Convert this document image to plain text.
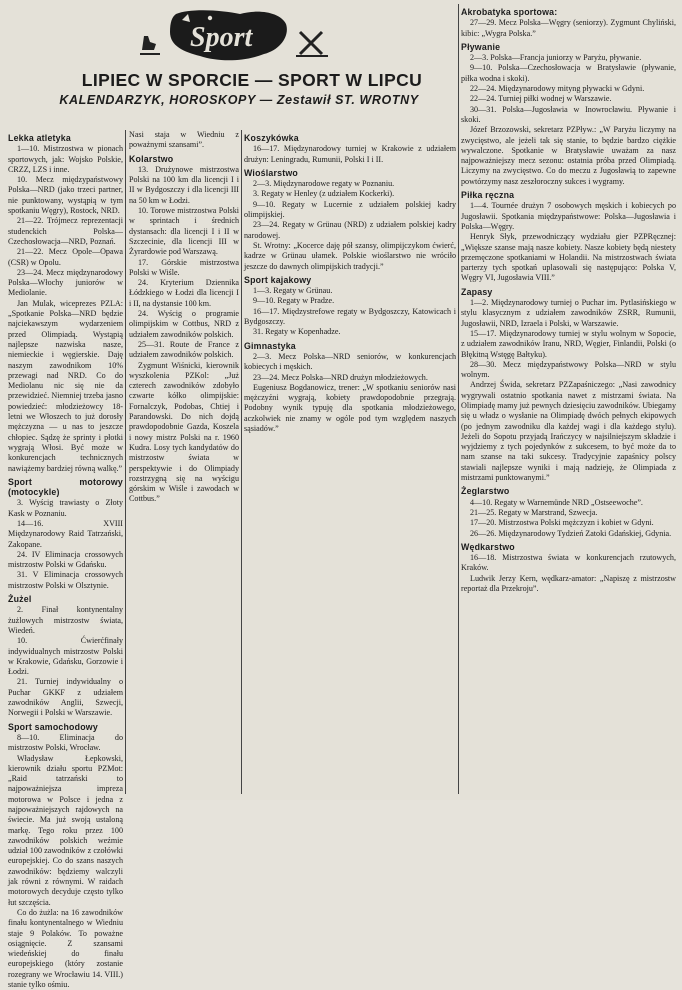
Sport
LIPIEC W SPORCIE — SPORT W LIPCU
KALENDARZYK, HOROSKOPY — Zestawił ST. WROTNY
Lekka atletyka

1—10. Mistrzostwa w pionach sportowych, jak: Wojsko Polskie, CRZZ, LZS i inne.

10. Mecz międzypaństwowy Polska—NRD (jako trzeci partner, nie punktowany, wystąpią w tym spotkaniu Węgry), Rostock, NRD.

21—22. Trójmecz reprezentacji studenckich Polska—Czechosłowacja—NRD, Poznań.

21—22. Mecz Opole—Opawa (CSR) w Opolu.

23—24. Mecz międzynarodowy Polska—Włochy juniorów w Mediolanie.

Jan Mulak, wiceprezes PZLA: „Spotkanie Polska—NRD będzie najciekawszym wydarzeniem przed Olimpiadą. Wystąpią najlepsze nazwiska nasze, niemieckie i węgierskie. Daję naszym zawodnikom 10% przewagi nad NRD. Co do Mediolanu nic się nie da przewidzieć. Niemniej trzeba jasno powiedzieć: młodzieżowcy 18-letni we Włoszech to już dorosły mężczyzna — u nas to jeszcze chłopiec. Sądzę że sprinty i płotki wygrają Włosi. Być może w konkurencjach technicznych nawiążemy bardziej równą walkę.”

Sport motorowy (motocykle)

3. Wyścig trawiasty o Złoty Kask w Poznaniu.

14—16. XVIII Międzynarodowy Raid Tatrzański, Zakopane.

24. IV Eliminacja crossowych mistrzostw Polski w Gdańsku.

31. V Eliminacja crossowych mistrzostw Polski w Olsztynie.

Żużel

2. Finał kontynentalny żużlowych mistrzostw świata, Wiedeń.

10. Ćwierćfinały indywidualnych mistrzostw Polski w Krakowie, Gdańsku, Gorzowie i Łodzi.

21. Turniej indywidualny o Puchar GKKF z udziałem zawodników Anglii, Szwecji, Norwegii i Polski w Warszawie.

Sport samochodowy

8—10. Eliminacja do mistrzostw Polski, Wrocław.

Władysław Łepkowski, kierownik działu sportu PZMot: „Raid tatrzański to najpoważniejsza impreza motorowa w Polsce i jedna z najpoważniejszych rajdowych na świecie. Ma już swoją ustaloną markę. Tego roku przez 100 zawodników polskich weźmie udział 100 zawodników z czołówki europejskiej. Co do szans naszych zawodników: będziemy walczyli jak równi z równymi. W raidach motorowych decyduje często tylko łut szczęścia.

Co do żużla: na 16 zawodników finału kontynentalnego w Wiedniu staje 9 Polaków. To poważne osiągnięcie. Z szansami wiedeńskiej do finału europejskiego (który zostanie rozegrany we Wrocławiu 14. VIII.) stanie tylko ośmiu.

Nasi staja w Wiedniu z poważnymi szansami”.

Kolarstwo

13. Drużynowe mistrzostwa Polski na 100 km dla licencji I i II w Bydgoszczy i dla licencji III na 50 km w Łodzi.

10. Torowe mistrzostwa Polski w sprintach i średnich dystansach: dla licencji I i II w Szczecinie, dla licencji III w Żyrardowie pod Warszawą.

17. Górskie mistrzostwa Polski w Wiśle.

24. Kryterium Dziennika Łódzkiego w Łodzi dla licencji I i II, na dystansie 100 km.

24. Wyścig o programie olimpijskim w Cottbus, NRD z udziałem zawodników polskich.

25—31. Route de France z udziałem zawodników polskich.

Zygmunt Wiśnicki, kierownik wyszkolenia PZKol: „Już czterech zawodników zdobyło czwarte kółko olimpijskie: Fornalczyk, Podobas, Chtiej i Parandowski. Do nich dojdą prawdopodobnie Gazda, Koszela i nowy mistrz Polski na r. 1960 Kudra. Losy tych kandydatów do mistrzostw świata w perspektywie i do Olimpiady rozstrzygną się na wyścigu górskim w Wiśle i zawodach w Cottbus.”

Koszykówka

16—17. Międzynarodowy turniej w Krakowie z udziałem drużyn: Leningradu, Rumunii, Polski I i II.

Wioślarstwo

2—3. Międzynarodowe regaty w Poznaniu.

3. Regaty w Henley (z udziałem Kockerki).

9—10. Regaty w Lucernie z udziałem polskiej kadry olimpijskiej.

23—24. Regaty w Grünau (NRD) z udziałem polskiej kadry narodowej.

St. Wrotny: „Kocerce daję pół szansy, olimpijczykom ćwierć, kadrze w Grünau ułamek. Polskie wioślarstwo nie wróciło jeszcze do dawnych olimpijskich tradycji.”

Sport kajakowy

1—3. Regaty w Grünau.

9—10. Regaty w Pradze.

16—17. Międzystrefowe regaty w Bydgoszczy, Katowicach i Bydgoszczy.

31. Regaty w Kopenhadze.

Gimnastyka

2—3. Mecz Polska—NRD seniorów, w konkurencjach kobiecych i męskich.

23—24. Mecz Polska—NRD drużyn młodzieżowych.

Eugeniusz Bogdanowicz, trener: „W spotkaniu seniorów nasi mężczyźni wygrają, kobiety prawdopodobnie przegrają. Podobny wynik typuję dla spotkania młodzieżowego, aczkolwiek nie znamy w ogóle pod tym względem naszych sąsiadów.”

Akrobatyka sportowa:

27—29. Mecz Polska—Węgry (seniorzy). Zygmunt Chyliński, kibic: „Wygra Polska.”

Pływanie

2—3. Polska—Francja juniorzy w Paryżu, pływanie.

9—10. Polska—Czechosłowacja w Bratysławie (pływanie, piłka wodna i skoki).

22—24. Międzynarodowy mityng pływacki w Gdyni.

22—24. Turniej piłki wodnej w Warszawie.

30—31. Polska—Jugosławia w Inowrocławiu. Pływanie i skoki.

Józef Brzozowski, sekretarz PZPływ.: „W Paryżu liczymy na zwycięstwo, ale jeżeli tak się stanie, to będzie bardzo ciężkie wywalczone. Spotkanie w Bratysławie uważam za nasz najpoważniejszy mecz sezonu: ostatnia próba przed Olimpiadą. Liczymy na zwycięstwo. Co do meczu z Jugosławią to zapewne powtórzymy nasz zeszłoroczny sukces i wygramy.

Piłka ręczna

1—4. Tournée drużyn 7 osobowych męskich i kobiecych po Jugosławii. Spotkania międzypaństwowe: Polska—Jugosławia i Polska—Węgry.

Henryk Słyk, przewodniczący wydziału gier PZPRęcznej: „Większe szanse mają nasze kobiety. Nasze kobiety będą niestety przemęczone spotkaniami w Holandii. Na mistrzostwach świata parterzy tych spotkań uplasowali się następująco: Polska V, Węgry VI, Jugosławia VIII.”

Zapasy

1—2. Międzynarodowy turniej o Puchar im. Pytlasińskiego w stylu klasycznym z udziałem zawodników ZSRR, Rumunii, Jugosławii, NRD, Izraela i Polski, w Warszawie.

15—17. Międzynarodowy turniej w stylu wolnym w Sopocie, z udziałem zawodników Iranu, NRD, Węgier, Finlandii, Polski (o Błękitną Wstęgę Bałtyku).

28—30. Mecz międzypaństwowy Polska—NRD w stylu wolnym.

Andrzej Świda, sekretarz PZZapaśniczego: „Nasi zawodnicy wygrywali ostatnio spotkania nawet z mistrzami świata. Na Olimpiadę mamy już pewnych dziesięciu zawodników. Ubiegamy się u władz o wysłanie na Olimpiadę dwóch pełnych ekipowych (po jednym zawodniku dla każdej wagi i dla każdego stylu). Jeżeli do Sopotu przyjadą Irańczycy w najsilniejszym składzie i wyjdziemy z tych pojedynków z sukcesem, to być może da to nam szanse na taki sukcesy. Tradycyjnie zapaśnicy polscy stawiali najlepsze wyniki i mają nadzieję, że Olimpiada z mistrzami punktowanymi.”

Żeglarstwo

4—10. Regaty w Warnemünde NRD „Ostseewoche”.

21—25. Regaty w Marstrand, Szwecja.

17—20. Mistrzostwa Polski mężczyzn i kobiet w Gdyni.

26—26. Międzynarodowy Tydzień Zatoki Gdańskiej, Gdynia.

Wędkarstwo

16—18. Mistrzostwa świata w konkurencjach rzutowych, Kraków.

Ludwik Jerzy Kern, wędkarz-amator: „Napiszę z mistrzostw reportaż dla Przekroju”.
